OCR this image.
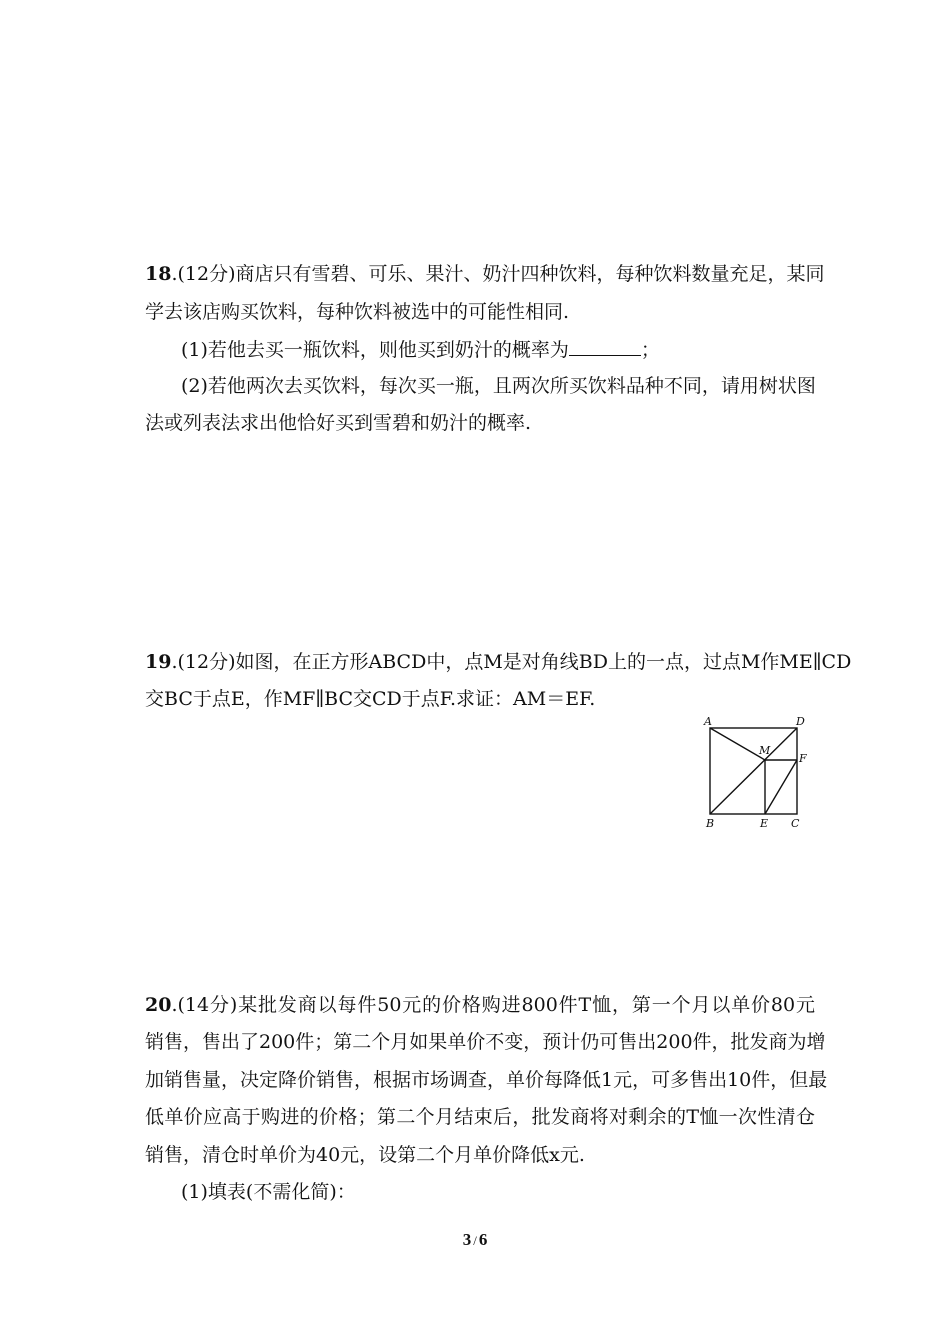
18.(12分)商店只有雪碧、可乐、果汁、奶汁四种饮料，每种饮料数量充足，某同
学去该店购买饮料，每种饮料被选中的可能性相同.
(1)若他去买一瓶饮料，则他买到奶汁的概率为	；
(2)若他两次去买饮料，每次买一瓶，且两次所买饮料品种不同，请用树状图
法或列表法求出他恰好买到雪碧和奶汁的概率.
19.(12分)如图，在正方形ABCD中，点M是对角线BD上的一点，过点M作ME∥CD
交BC于点E，作MF∥BC交CD于点F.求证：AM＝EF.
A	D
M
F
B	E C
20.(14分)某批发商以每件50元的价格购进800件T恤，第一个月以单价80元
销售，售出了200件；第二个月如果单价不变，预计仍可售出200件，批发商为增
加销售量，决定降价销售，根据市场调查，单价每降低1元，可多售出10件，但最
低单价应高于购进的价格；第二个月结束后，批发商将对剩余的T恤一次性清仓
销售，清仓时单价为40元，设第二个月单价降低x元.
(1)填表(不需化简)：
3 / 6
